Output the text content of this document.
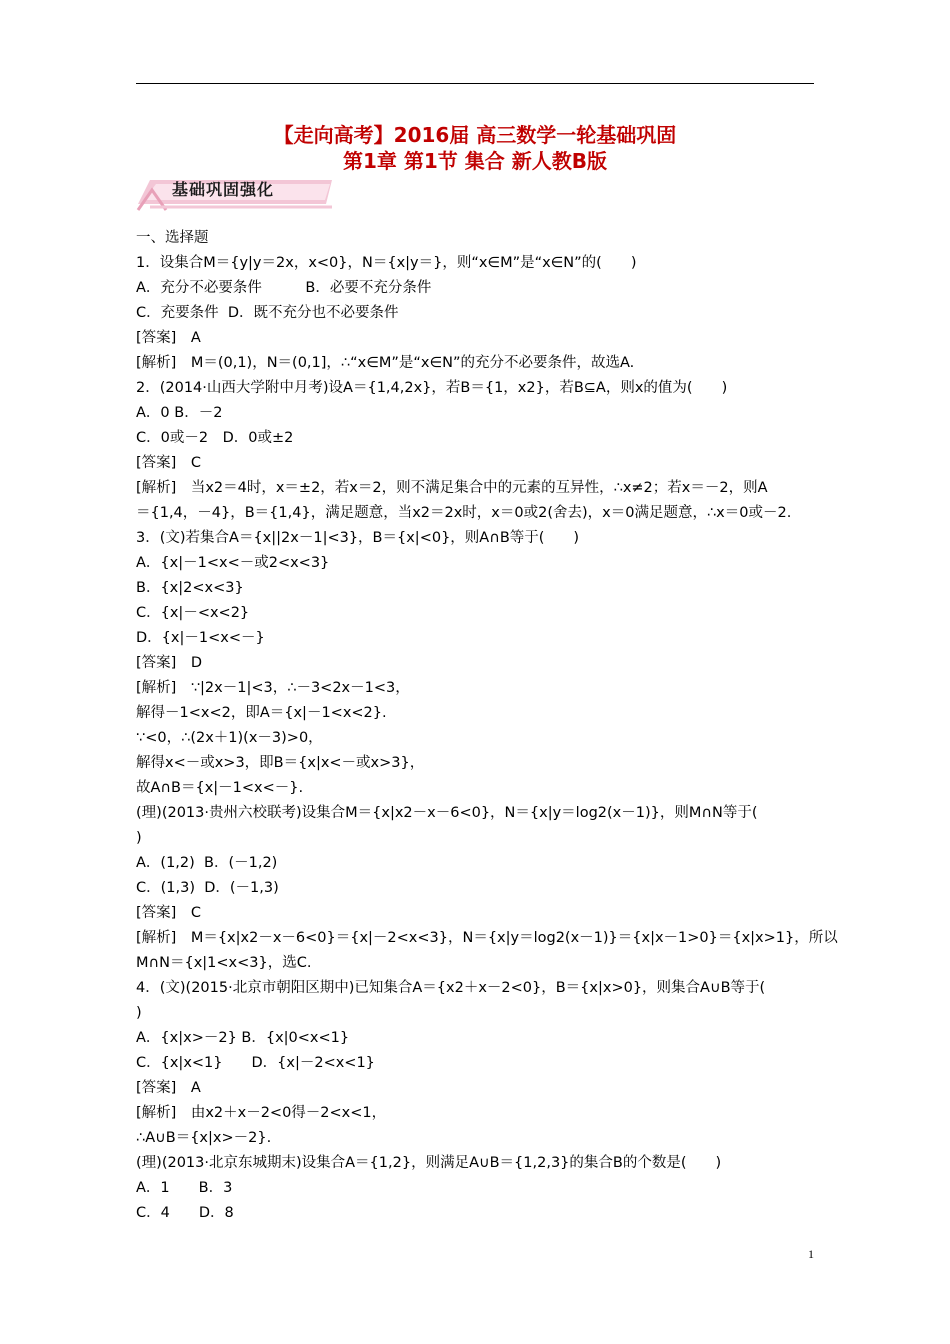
【走向高考】2016届 高三数学一轮基础巩固
第1章 第1节 集合 新人教B版
基础巩固强化
一、选择题
1．设集合M＝{y|y＝2x，x<0}，N＝{x|y＝}，则“x∈M”是“x∈N”的(　　)
A．充分不必要条件　　　B．必要不充分条件
C．充要条件  D．既不充分也不必要条件
[答案]　A
[解析]　M＝(0,1)，N＝(0,1]，∴“x∈M”是“x∈N”的充分不必要条件，故选A.
2．(2014·山西大学附中月考)设A＝{1,4,2x}，若B＝{1，x2}，若B⊆A，则x的值为(　　)
A．0 B．－2
C．0或－2　D．0或±2
[答案]　C
[解析]　当x2＝4时，x＝±2，若x＝2，则不满足集合中的元素的互异性，∴x≠2；若x＝－2，则A
＝{1,4，－4}，B＝{1,4}，满足题意，当x2＝2x时，x＝0或2(舍去)，x＝0满足题意，∴x＝0或－2.
3．(文)若集合A＝{x||2x－1|<3}，B＝{x|<0}，则A∩B等于(　　)
A．{x|－1<x<－或2<x<3}
B．{x|2<x<3}
C．{x|－<x<2}
D．{x|－1<x<－}
[答案]　D
[解析]　∵|2x－1|<3，∴－3<2x－1<3，
解得－1<x<2，即A＝{x|－1<x<2}.
∵<0，∴(2x＋1)(x－3)>0，
解得x<－或x>3，即B＝{x|x<－或x>3}，
故A∩B＝{x|－1<x<－}.
(理)(2013·贵州六校联考)设集合M＝{x|x2－x－6<0}，N＝{x|y＝log2(x－1)}，则M∩N等于(
)
A．(1,2)  B．(－1,2)
C．(1,3)  D．(－1,3)
[答案]　C
[解析]　M＝{x|x2－x－6<0}＝{x|－2<x<3}，N＝{x|y＝log2(x－1)}＝{x|x－1>0}＝{x|x>1}，所以
M∩N＝{x|1<x<3}，选C.
4．(文)(2015·北京市朝阳区期中)已知集合A＝{x2＋x－2<0}，B＝{x|x>0}，则集合A∪B等于(
)
A．{x|x>－2} B．{x|0<x<1}
C．{x|x<1}　　D．{x|－2<x<1}
[答案]　A
[解析]　由x2＋x－2<0得－2<x<1，
∴A∪B＝{x|x>－2}.
(理)(2013·北京东城期末)设集合A＝{1,2}，则满足A∪B＝{1,2,3}的集合B的个数是(　　)
A．1　　B．3
C．4　　D．8
1
